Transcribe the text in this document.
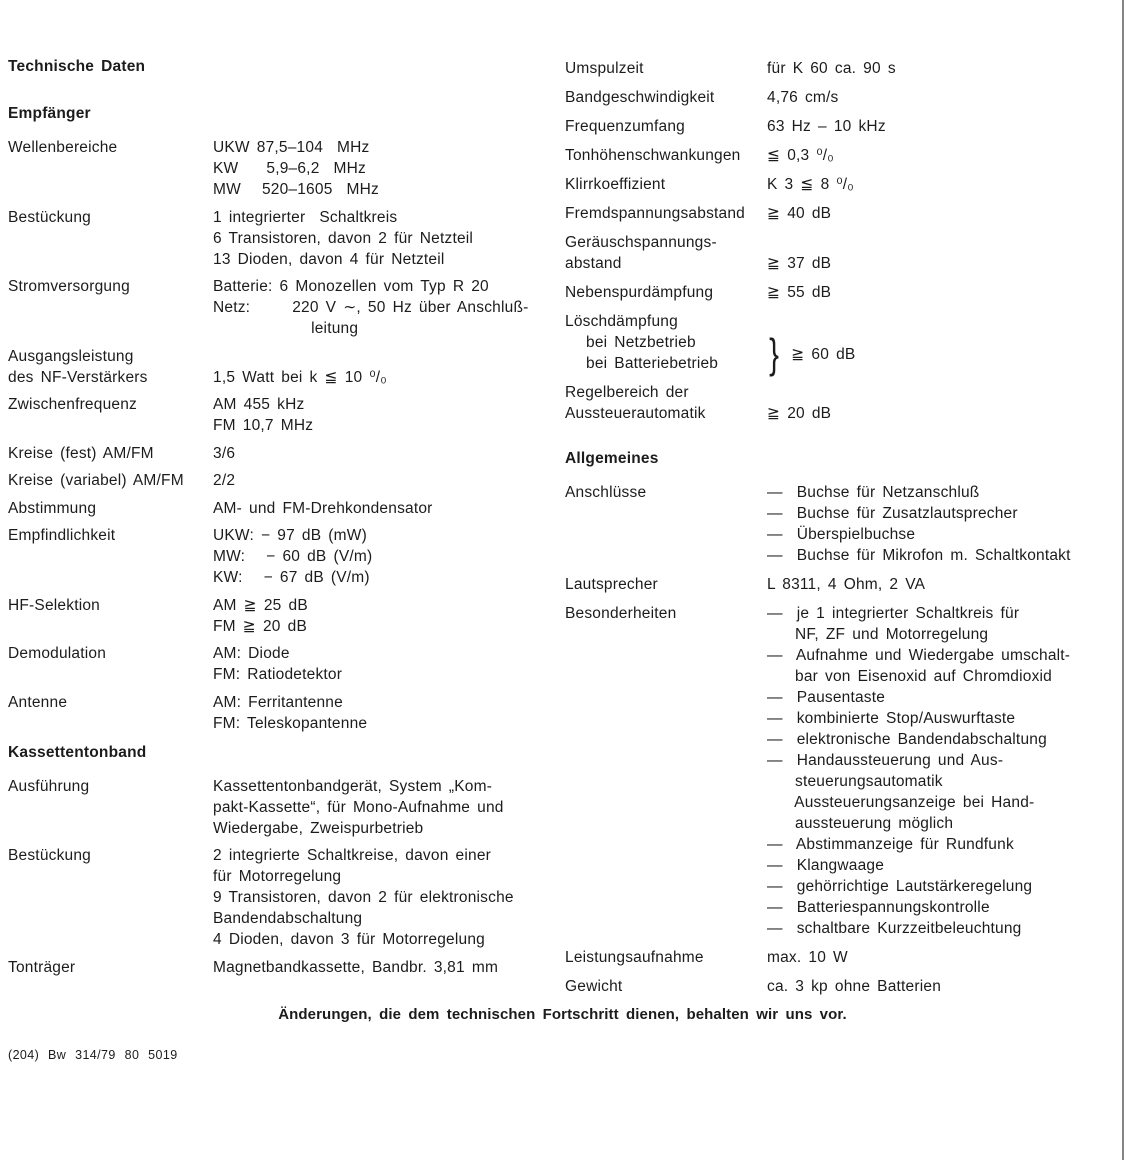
Technische Daten
Empfänger
Wellenbereiche	UKW 87,5–104  MHz
KW    5,9–6,2  MHz
MW   520–1605  MHz
Bestückung	1 integrierter  Schaltkreis
6 Transistoren, davon 2 für Netzteil
13 Dioden, davon 4 für Netzteil
Stromversorgung	Batterie: 6 Monozellen vom Typ R 20
Netz:      220 V ∼, 50 Hz über Anschluß-
leitung
Ausgangsleistung
des NF-Verstärkers	1,5 Watt bei k ≦ 10 ⁰/₀
Zwischenfrequenz	AM 455 kHz
FM 10,7 MHz
Kreise (fest) AM/FM	3/6
Kreise (variabel) AM/FM	2/2
Abstimmung	AM- und FM-Drehkondensator
Empfindlichkeit	UKW: − 97 dB (mW)
MW:   − 60 dB (V/m)
KW:   − 67 dB (V/m)
HF-Selektion	AM ≧ 25 dB
FM ≧ 20 dB
Demodulation	AM: Diode
FM: Ratiodetektor
Antenne	AM: Ferritantenne
FM: Teleskopantenne
Kassettentonband
Ausführung	Kassettentonbandgerät, System „Kom-
pakt-Kassette“, für Mono-Aufnahme und
Wiedergabe, Zweispurbetrieb
Bestückung	2 integrierte Schaltkreise, davon einer
für Motorregelung
9 Transistoren, davon 2 für elektronische
Bandendabschaltung
4 Dioden, davon 3 für Motorregelung
Tonträger	Magnetbandkassette, Bandbr. 3,81 mm
Umspulzeit	für K 60 ca. 90 s
Bandgeschwindigkeit	4,76 cm/s
Frequenzumfang	63 Hz – 10 kHz
Tonhöhenschwankungen	≦ 0,3 ⁰/₀
Klirrkoeffizient	K 3 ≦ 8 ⁰/₀
Fremdspannungsabstand	≧ 40 dB
Geräuschspannungs-
abstand	≧ 37 dB
Nebenspurdämpfung	≧ 55 dB
Löschdämpfung
bei Netzbetrieb
bei Batteriebetrieb	} ≧ 60 dB
Regelbereich der
Aussteuerautomatik	≧ 20 dB
Allgemeines
Anschlüsse	—  Buchse für Netzanschluß
—  Buchse für Zusatzlautsprecher
—  Überspielbuchse
—  Buchse für Mikrofon m. Schaltkontakt
Lautsprecher	L 8311, 4 Ohm, 2 VA
Besonderheiten	—  je 1 integrierter Schaltkreis für
NF, ZF und Motorregelung
—  Aufnahme und Wiedergabe umschalt-
bar von Eisenoxid auf Chromdioxid
—  Pausentaste
—  kombinierte Stop/Auswurftaste
—  elektronische Bandendabschaltung
—  Handaussteuerung und Aus-
steuerungsautomatik
Aussteuerungsanzeige bei Hand-
aussteuerung möglich
—  Abstimmanzeige für Rundfunk
—  Klangwaage
—  gehörrichtige Lautstärkeregelung
—  Batteriespannungskontrolle
—  schaltbare Kurzzeitbeleuchtung
Leistungsaufnahme	max. 10 W
Gewicht	ca. 3 kp ohne Batterien
Änderungen, die dem technischen Fortschritt dienen, behalten wir uns vor.
(204) Bw 314/79 80 5019
